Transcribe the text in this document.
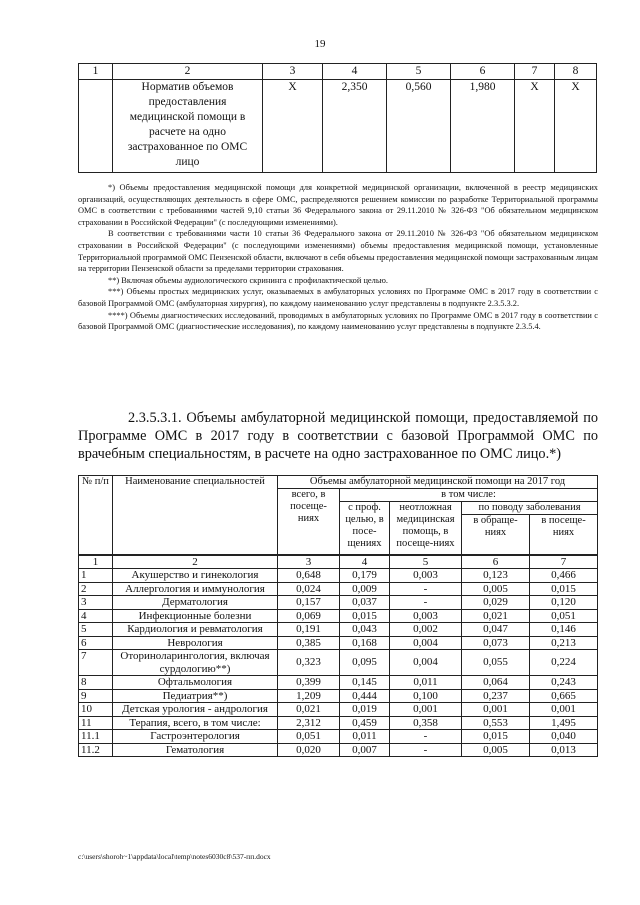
19
1	2	3	4	5	6	7	8
	Норматив объемов предоставления медицинской помощи в расчете на одно застрахованное по ОМС лицо	Х	2,350	0,560	1,980	Х	Х

*) Объемы предоставления медицинской помощи для конкретной медицинской организации, включенной в реестр медицинских организаций, осуществляющих деятельность в сфере ОМС, распределяются решением комиссии по разработке Территориальной программы ОМС в соответствии с требованиями частей 9,10 статьи 36 Федерального закона от 29.11.2010 № 326-ФЗ "Об обязательном медицинском страховании в Российской Федерации" (с последующими изменениями).

В соответствии с требованиями части 10 статьи 36 Федерального закона от 29.11.2010 № 326-ФЗ "Об обязательном медицинском страховании в Российской Федерации" (с последующими изменениями) объемы предоставления медицинской помощи, установленные Территориальной программой ОМС Пензенской области, включают в себя объемы предоставления медицинской помощи застрахованным лицам на территории Пензенской области за пределами территории страхования.

**) Включая объемы аудиологического скрининга с профилактической целью.

***) Объемы простых медицинских услуг, оказываемых в амбулаторных условиях по Программе ОМС в 2017 году в соответствии с базовой Программой ОМС (амбулаторная хирургия), по каждому наименованию услуг представлены в подпункте 2.3.5.3.2.

****) Объемы диагностических исследований, проводимых в амбулаторных условиях по Программе ОМС в 2017 году в соответствии с базовой Программой ОМС (диагностические исследования), по каждому наименованию услуг представлены в подпункте 2.3.5.4.

2.3.5.3.1. Объемы амбулаторной медицинской помощи, предоставляемой по Программе ОМС в 2017 году в соответствии с базовой Программой ОМС по врачебным специальностям, в расчете на одно застрахованное по ОМС лицо.*)

№ п/п	Наименование специальностей	Объемы амбулаторной медицинской помощи на 2017 год				
		всего, в посеще-ниях	в том числе:			
			с проф. целью, в посе-щениях	неотложная медицинская помощь, в посеще-ниях	по поводу заболевания	
					в обраще-ниях	в посеще-ниях
1	2	3	4	5	6	7
1	Акушерство и гинекология	0,648	0,179	0,003	0,123	0,466
2	Аллергология и иммунология	0,024	0,009	-	0,005	0,015
3	Дерматология	0,157	0,037	-	0,029	0,120
4	Инфекционные болезни	0,069	0,015	0,003	0,021	0,051
5	Кардиология и ревматология	0,191	0,043	0,002	0,047	0,146
6	Неврология	0,385	0,168	0,004	0,073	0,213
7	Оториноларингология, включая сурдологию**)	0,323	0,095	0,004	0,055	0,224
8	Офтальмология	0,399	0,145	0,011	0,064	0,243
9	Педиатрия**)	1,209	0,444	0,100	0,237	0,665
10	Детская урология - андрология	0,021	0,019	0,001	0,001	0,001
11	Терапия, всего, в том числе:	2,312	0,459	0,358	0,553	1,495
11.1	Гастроэнтерология	0,051	0,011	-	0,015	0,040
11.2	Гематология	0,020	0,007	-	0,005	0,013
c:\users\shoroh~1\appdata\local\temp\notes6030c8\537-пп.docx
